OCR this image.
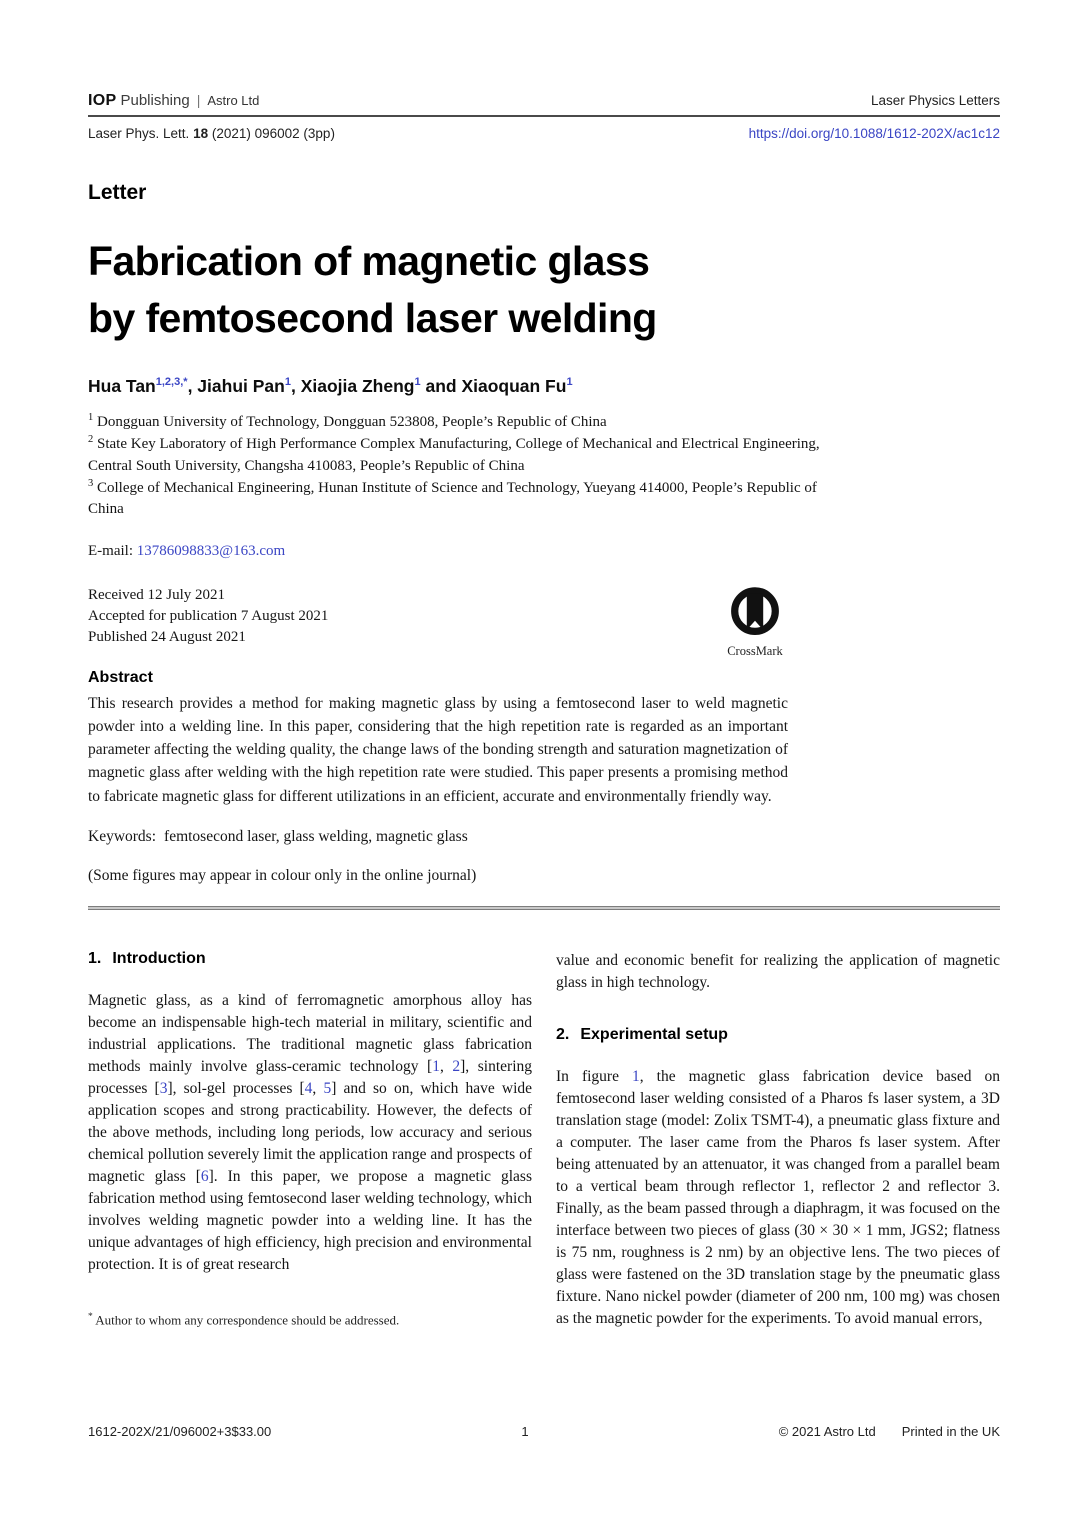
IOP Publishing | Astro Ltd	Laser Physics Letters
Laser Phys. Lett. 18 (2021) 096002 (3pp)	https://doi.org/10.1088/1612-202X/ac1c12
Letter
Fabrication of magnetic glass
by femtosecond laser welding
Hua Tan$^{1,2,3,*}$, Jiahui Pan$^1$, Xiaojia Zheng$^1$ and Xiaoquan Fu$^1$
$^1$ Dongguan University of Technology, Dongguan 523808, People’s Republic of China
$^2$ State Key Laboratory of High Performance Complex Manufacturing, College of Mechanical and Electrical Engineering, Central South University, Changsha 410083, People’s Republic of China
$^3$ College of Mechanical Engineering, Hunan Institute of Science and Technology, Yueyang 414000, People’s Republic of China
E-mail: 13786098833@163.com
Received 12 July 2021
Accepted for publication 7 August 2021
Published 24 August 2021
CrossMark
Abstract
This research provides a method for making magnetic glass by using a femtosecond laser to weld magnetic powder into a welding line. In this paper, considering that the high repetition rate is regarded as an important parameter affecting the welding quality, the change laws of the bonding strength and saturation magnetization of magnetic glass after welding with the high repetition rate were studied. This paper presents a promising method to fabricate magnetic glass for different utilizations in an efficient, accurate and environmentally friendly way.
Keywords: femtosecond laser, glass welding, magnetic glass
(Some figures may appear in colour only in the online journal)
1. Introduction
Magnetic glass, as a kind of ferromagnetic amorphous alloy has become an indispensable high-tech material in military, scientific and industrial applications. The traditional magnetic glass fabrication methods mainly involve glass-ceramic technology [1, 2], sintering processes [3], sol-gel processes [4, 5] and so on, which have wide application scopes and strong practicability. However, the defects of the above methods, including long periods, low accuracy and serious chemical pollution severely limit the application range and prospects of magnetic glass [6]. In this paper, we propose a magnetic glass fabrication method using femtosecond laser welding technology, which involves welding magnetic powder into a welding line. It has the unique advantages of high efficiency, high precision and environmental protection. It is of great research
* Author to whom any correspondence should be addressed.
value and economic benefit for realizing the application of magnetic glass in high technology.
2. Experimental setup
In figure 1, the magnetic glass fabrication device based on femtosecond laser welding consisted of a Pharos fs laser system, a 3D translation stage (model: Zolix TSMT-4), a pneumatic glass fixture and a computer. The laser came from the Pharos fs laser system. After being attenuated by an attenuator, it was changed from a parallel beam to a vertical beam through reflector 1, reflector 2 and reflector 3. Finally, as the beam passed through a diaphragm, it was focused on the interface between two pieces of glass (30 × 30 × 1 mm, JGS2; flatness is 75 nm, roughness is 2 nm) by an objective lens. The two pieces of glass were fastened on the 3D translation stage by the pneumatic glass fixture. Nano nickel powder (diameter of 200 nm, 100 mg) was chosen as the magnetic powder for the experiments. To avoid manual errors,
1612-202X/21/096002+3$33.00	1	© 2021 Astro Ltd Printed in the UK
